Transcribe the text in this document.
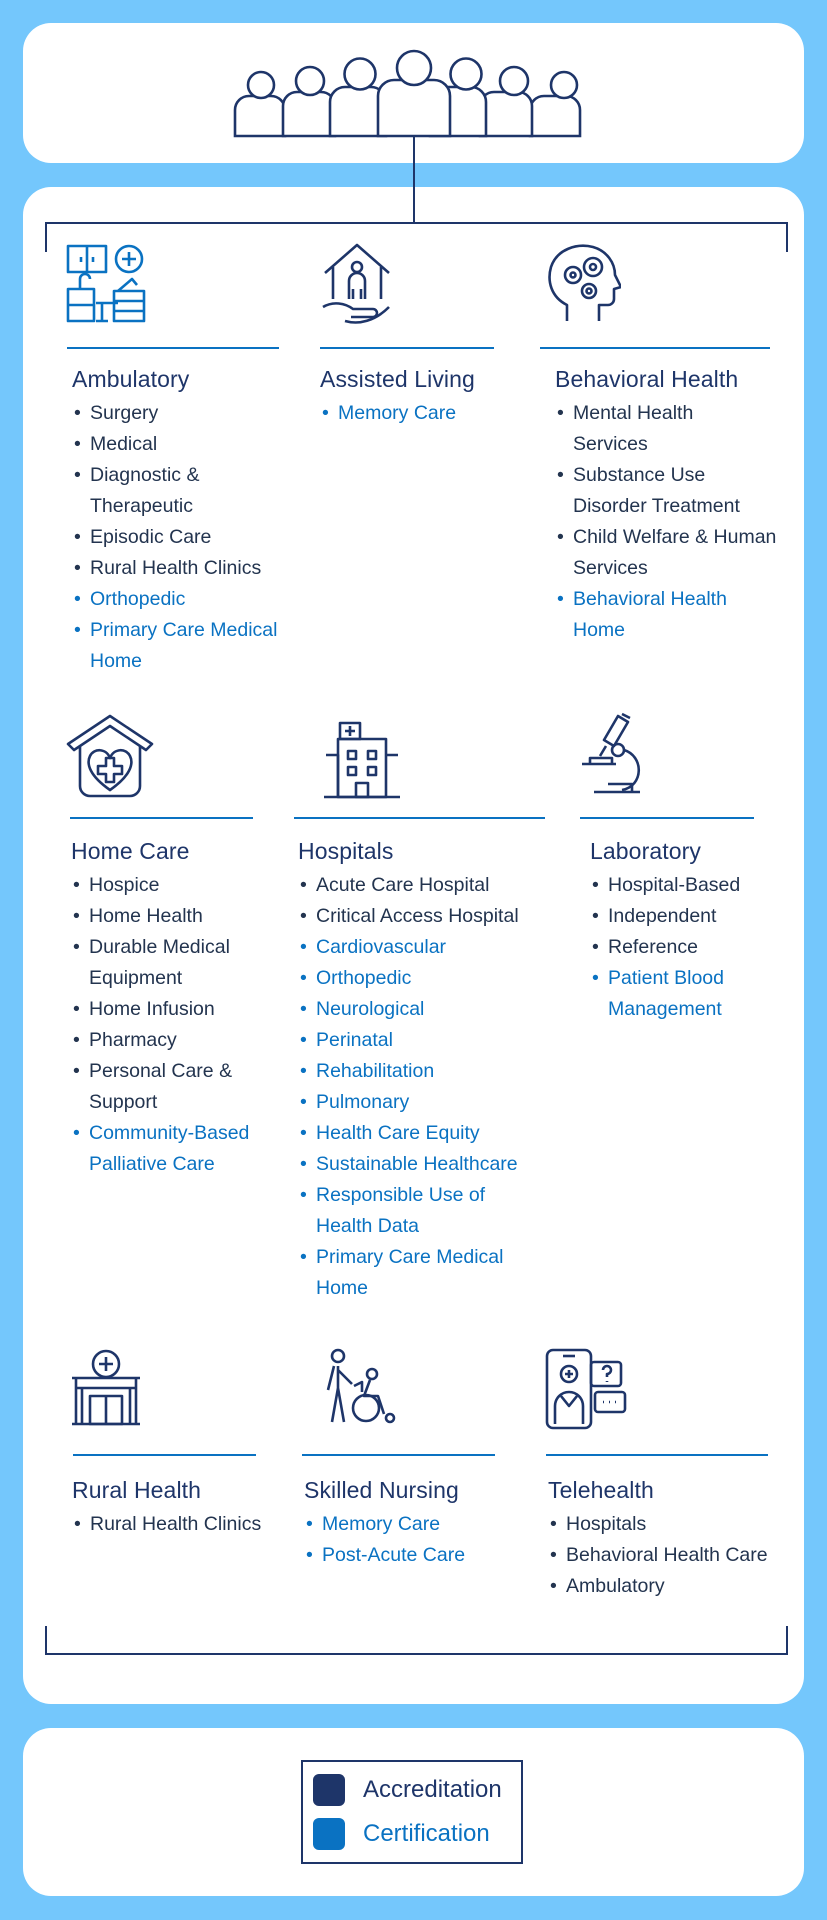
Ambulatory
• Surgery
• Medical
• Diagnostic & Therapeutic
• Episodic Care
• Rural Health Clinics
• Orthopedic
• Primary Care Medical Home
Assisted Living
• Memory Care
Behavioral Health
• Mental Health Services
• Substance Use Disorder Treatment
• Child Welfare & Human Services
• Behavioral Health Home
Home Care
• Hospice
• Home Health
• Durable Medical Equipment
• Home Infusion
• Pharmacy
• Personal Care & Support
• Community-Based Palliative Care
Hospitals
• Acute Care Hospital
• Critical Access Hospital
• Cardiovascular
• Orthopedic
• Neurological
• Perinatal
• Rehabilitation
• Pulmonary
• Health Care Equity
• Sustainable Healthcare
• Responsible Use of Health Data
• Primary Care Medical Home
Laboratory
• Hospital-Based
• Independent
• Reference
• Patient Blood Management
Rural Health
• Rural Health Clinics
Skilled Nursing
• Memory Care
• Post-Acute Care
Telehealth
• Hospitals
• Behavioral Health Care
• Ambulatory
Accreditation
Certification
